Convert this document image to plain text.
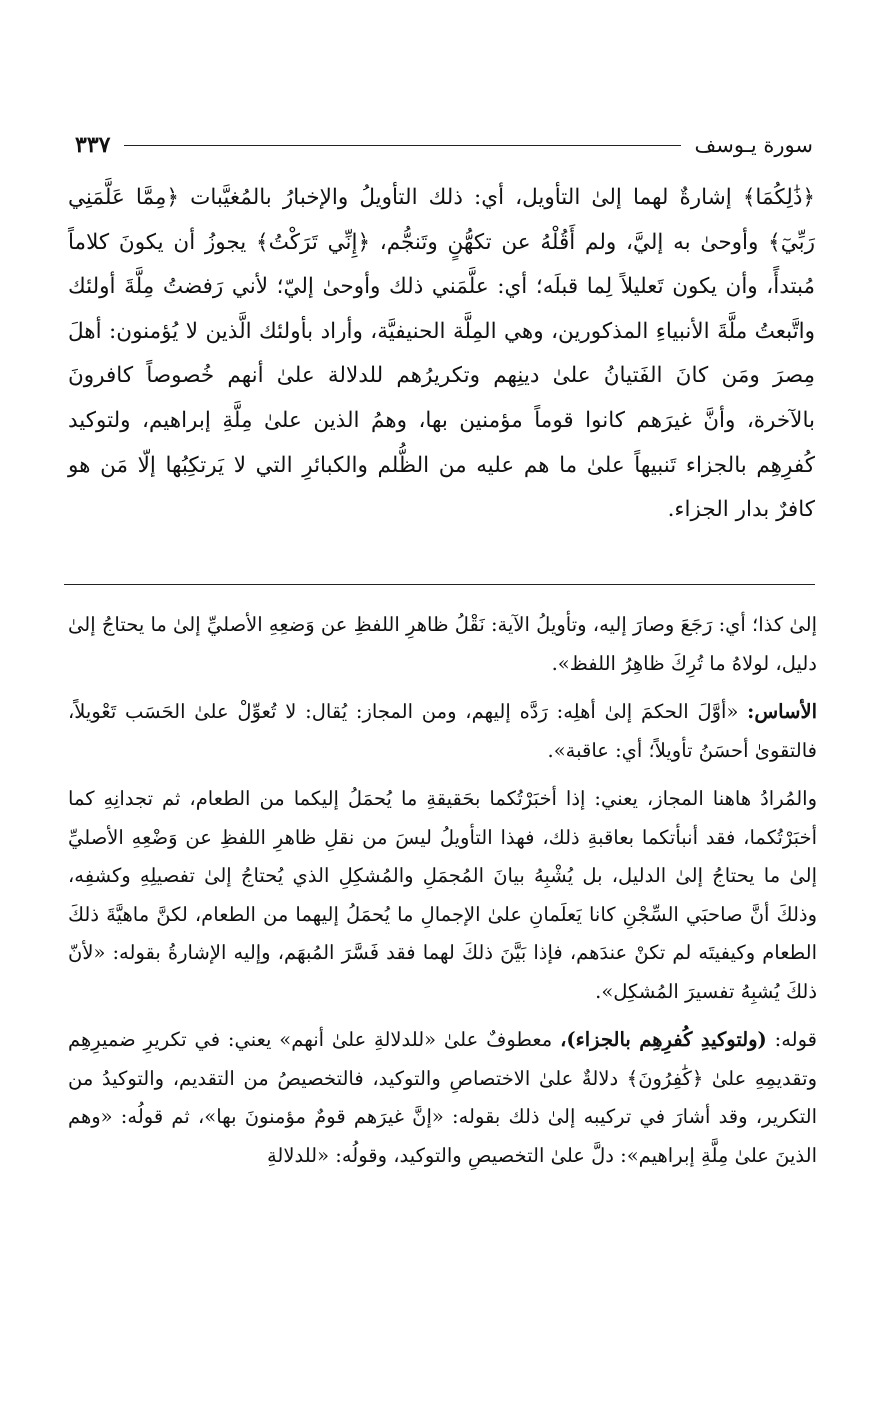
سورة يـوسف
٣٣٧

﴿ذَٰلِكُمَا﴾ إشارةٌ لهما إلىٰ التأويل، أي: ذلك التأويلُ والإخبارُ بالمُغيَّبات ﴿مِمَّا عَلَّمَنِي رَبِّيٓ﴾ وأوحىٰ به إليَّ، ولم أَقُلْهُ عن تكهُّنٍ وتَنجُّم، ﴿إِنِّي تَرَكْتُ﴾ يجوزُ أن يكونَ كلاماً مُبتدأً، وأن يكون تَعليلاً لِما قبلَه؛ أي: علَّمَني ذلك وأوحىٰ إليّ؛ لأني رَفضتُ مِلَّةَ أولئك واتَّبعتُ ملَّةَ الأنبياءِ المذكورين، وهي المِلَّة الحنيفيَّة، وأراد بأولئك الَّذين لا يُؤمنون: أهلَ مِصرَ ومَن كانَ الفَتيانُ علىٰ دينِهم وتكريرُهم للدلالة علىٰ أنهم خُصوصاً كافرونَ بالآخرة، وأنَّ غيرَهم كانوا قوماً مؤمنين بها، وهمُ الذين علىٰ مِلَّةِ إبراهيم، ولتوكيد كُفرِهِم بالجزاء تَنبيهاً علىٰ ما هم عليه من الظُّلم والكبائرِ التي لا يَرتكِبُها إلّا مَن هو كافرٌ بدار الجزاء.

إلىٰ كذا؛ أي: رَجَعَ وصارَ إليه، وتأويلُ الآية: نَقْلُ ظاهرِ اللفظِ عن وَضعِهِ الأصليِّ إلىٰ ما يحتاجُ إلىٰ دليل، لولاهُ ما تُرِكَ ظاهِرُ اللفظ».

الأساس: «أوَّلَ الحكمَ إلىٰ أهلِه: رَدَّه إليهم، ومن المجاز: يُقال: لا تُعوِّلْ علىٰ الحَسَب تَعْويلاً، فالتقوىٰ أحسَنُ تأويلاً؛ أي: عاقبة».

والمُرادُ هاهنا المجاز، يعني: إذا أخبَرْتُكما بحَقيقةِ ما يُحمَلُ إليكما من الطعام، ثم تجدانِهِ كما أخبَرْتُكما، فقد أنبأتكما بعاقبةِ ذلك، فهذا التأويلُ ليسَ من نقلِ ظاهرِ اللفظِ عن وَضْعِهِ الأصليِّ إلىٰ ما يحتاجُ إلىٰ الدليل، بل يُشْبِهُ بيانَ المُجمَلِ والمُشكِلِ الذي يُحتاجُ إلىٰ تفصيلِهِ وكشفِه، وذلكَ أنَّ صاحبَي السِّجْنِ كانا يَعلَمانِ علىٰ الإجمالِ ما يُحمَلُ إليهما من الطعام، لكنَّ ماهيَّةَ ذلكَ الطعام وكيفيتَه لم تكنْ عندَهم، فإذا بَيَّنَ ذلكَ لهما فقد فَسَّرَ المُبهَم، وإليه الإشارةُ بقوله: «لأنّ ذلكَ يُشبِهُ تفسيرَ المُشكِل».

قوله: (ولتوكيدِ كُفرِهِم بالجزاء)، معطوفٌ علىٰ «للدلالةِ علىٰ أنهم» يعني: في تكريرِ ضميرِهِم وتقديمِهِ علىٰ ﴿كَٰفِرُونَ﴾ دلالةٌ علىٰ الاختصاصِ والتوكيد، فالتخصيصُ من التقديم، والتوكيدُ من التكرير، وقد أشارَ في تركيبه إلىٰ ذلك بقوله: «إنَّ غيرَهم قومٌ مؤمنونَ بها»، ثم قولُه: «وهم الذينَ علىٰ مِلَّةِ إبراهيم»: دلَّ علىٰ التخصيصِ والتوكيد، وقولُه: «للدلالةِ
